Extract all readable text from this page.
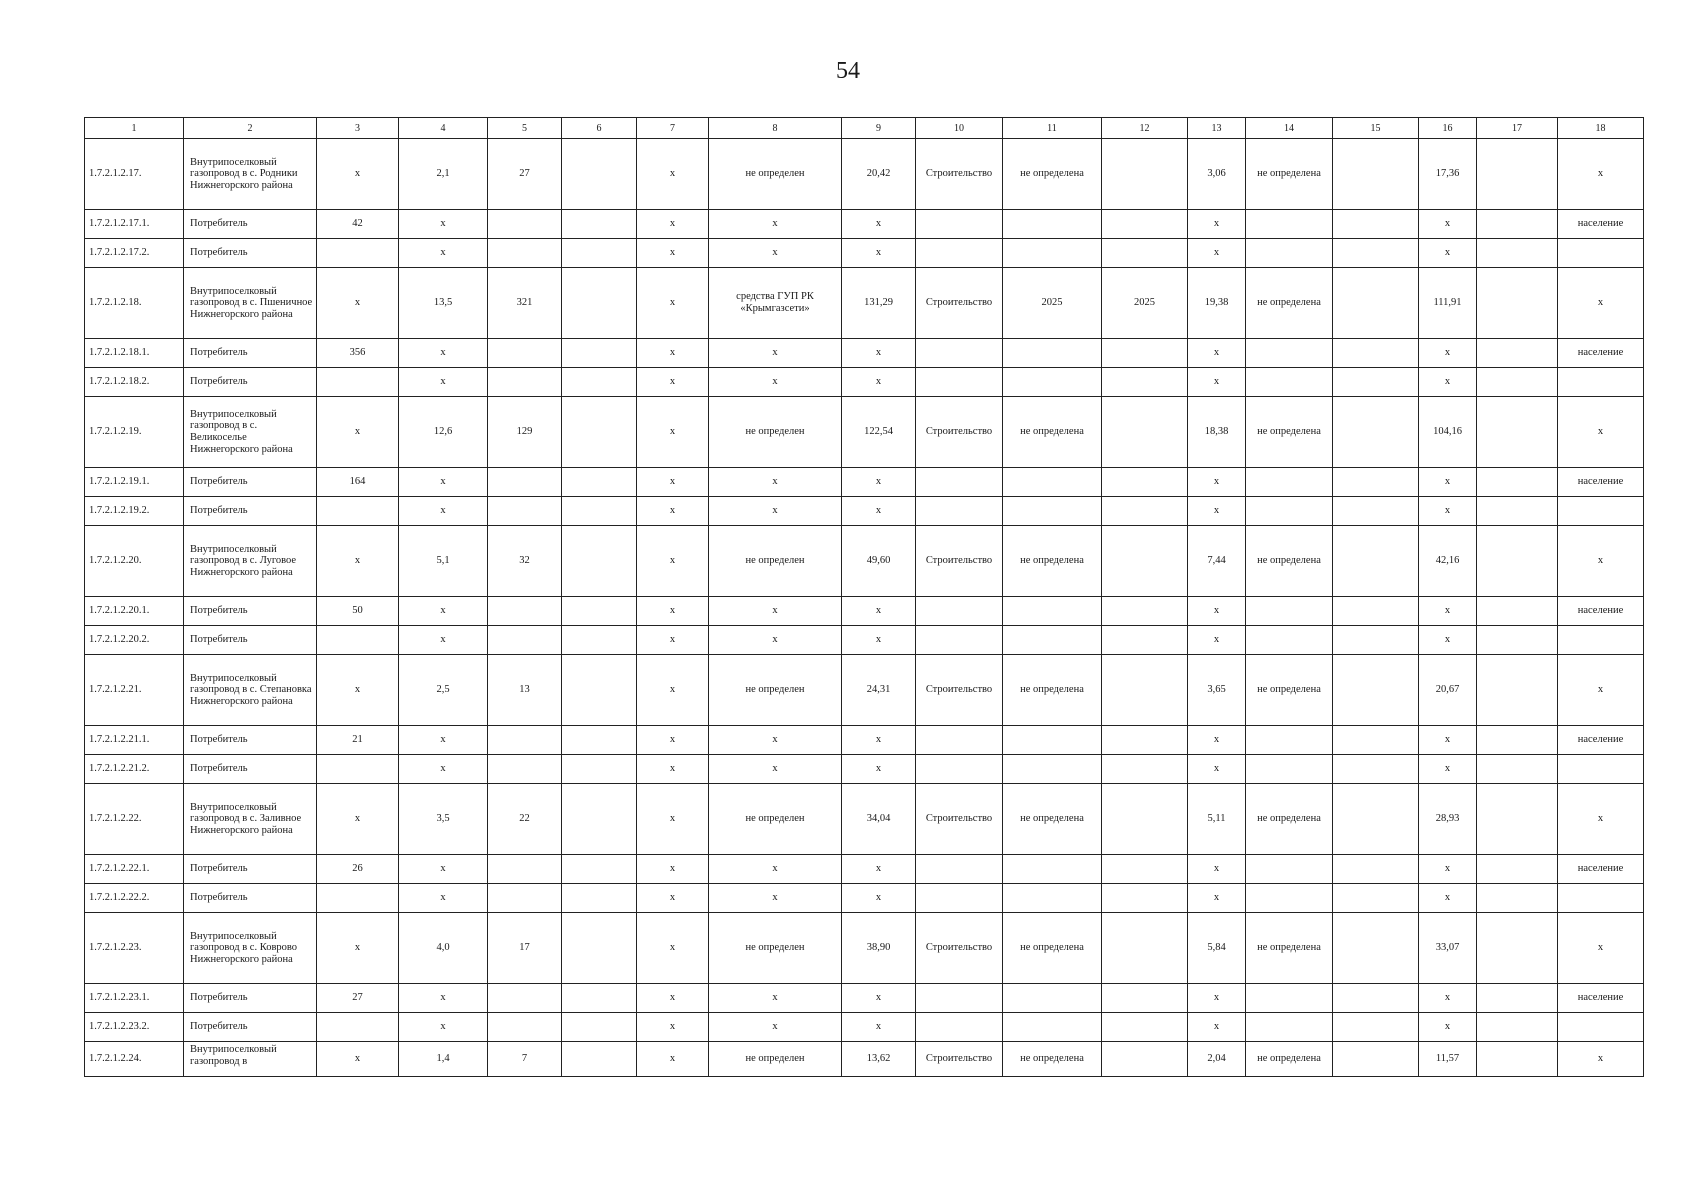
54
1	2	3	4	5	6	7	8	9	10	11	12	13	14	15	16	17	18
1.7.2.1.2.17.	Внутрипоселковый газопровод в с. Родники Нижнегорского района	x	2,1	27		x	не определен	20,42	Строительство	не определена		3,06	не определена		17,36		x
1.7.2.1.2.17.1.	Потребитель	42	x			x	x	x				x			x		население
1.7.2.1.2.17.2.	Потребитель		x			x	x	x				x			x		
1.7.2.1.2.18.	Внутрипоселковый газопровод в с. Пшеничное Нижнегорского района	x	13,5	321		x	средства ГУП РК «Крымгазсети»	131,29	Строительство	2025	2025	19,38	не определена		111,91		x
1.7.2.1.2.18.1.	Потребитель	356	x			x	x	x				x			x		население
1.7.2.1.2.18.2.	Потребитель		x			x	x	x				x			x		
1.7.2.1.2.19.	Внутрипоселковый газопровод в с. Великоселье Нижнегорского района	x	12,6	129		x	не определен	122,54	Строительство	не определена		18,38	не определена		104,16		x
1.7.2.1.2.19.1.	Потребитель	164	x			x	x	x				x			x		население
1.7.2.1.2.19.2.	Потребитель		x			x	x	x				x			x		
1.7.2.1.2.20.	Внутрипоселковый газопровод в с. Луговое Нижнегорского района	x	5,1	32		x	не определен	49,60	Строительство	не определена		7,44	не определена		42,16		x
1.7.2.1.2.20.1.	Потребитель	50	x			x	x	x				x			x		население
1.7.2.1.2.20.2.	Потребитель		x			x	x	x				x			x		
1.7.2.1.2.21.	Внутрипоселковый газопровод в с. Степановка Нижнегорского района	x	2,5	13		x	не определен	24,31	Строительство	не определена		3,65	не определена		20,67		x
1.7.2.1.2.21.1.	Потребитель	21	x			x	x	x				x			x		население
1.7.2.1.2.21.2.	Потребитель		x			x	x	x				x			x		
1.7.2.1.2.22.	Внутрипоселковый газопровод в с. Заливное Нижнегорского района	x	3,5	22		x	не определен	34,04	Строительство	не определена		5,11	не определена		28,93		x
1.7.2.1.2.22.1.	Потребитель	26	x			x	x	x				x			x		население
1.7.2.1.2.22.2.	Потребитель		x			x	x	x				x			x		
1.7.2.1.2.23.	Внутрипоселковый газопровод в с. Коврово Нижнегорского района	x	4,0	17		x	не определен	38,90	Строительство	не определена		5,84	не определена		33,07		x
1.7.2.1.2.23.1.	Потребитель	27	x			x	x	x				x			x		население
1.7.2.1.2.23.2.	Потребитель		x			x	x	x				x			x		
1.7.2.1.2.24.	Внутрипоселковый газопровод в	x	1,4	7		x	не определен	13,62	Строительство	не определена		2,04	не определена		11,57		x
